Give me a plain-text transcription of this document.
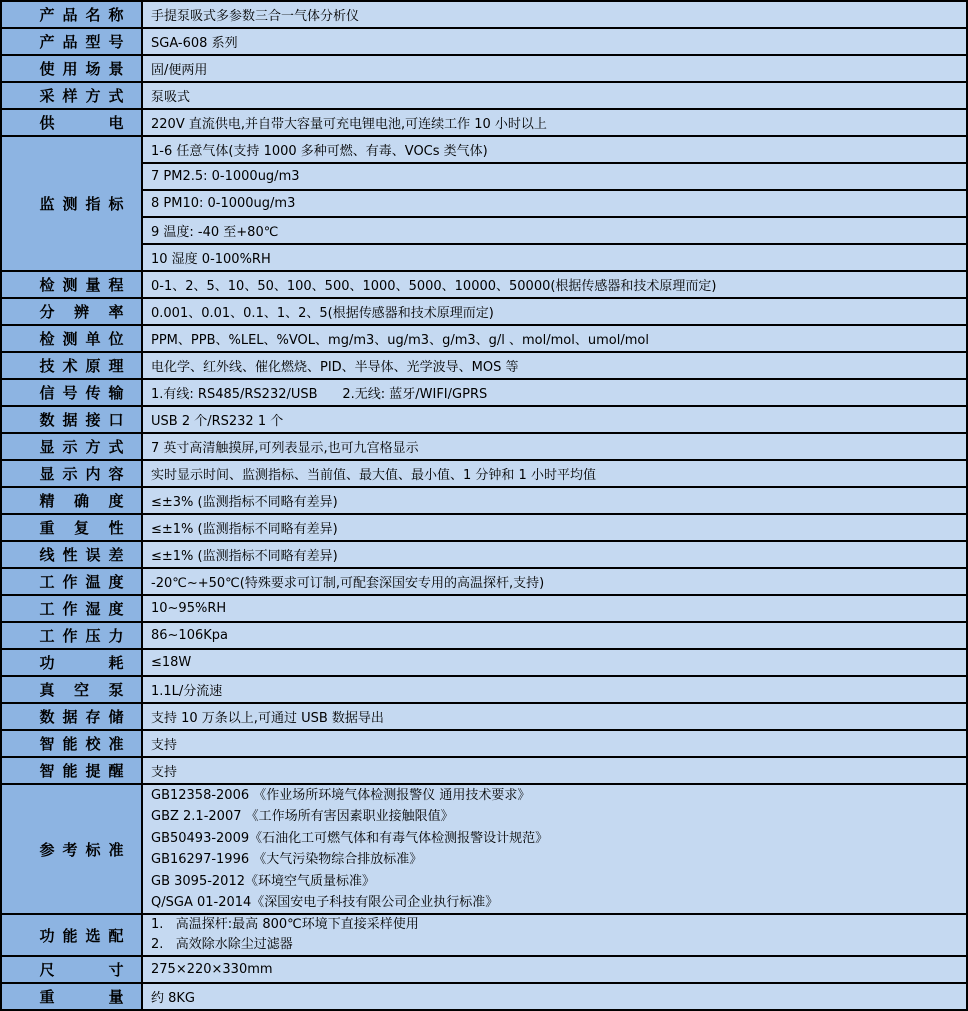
产品名称	手提泵吸式多参数三合一气体分析仪
产品型号	SGA-608 系列
使用场景	固/便两用
采样方式	泵吸式
供电	220V 直流供电,并自带大容量可充电锂电池,可连续工作 10 小时以上
监测指标	1-6 任意气体(支持 1000 多种可燃、有毒、VOCs 类气体)
	7 PM2.5: 0-1000ug/m3
	8 PM10: 0-1000ug/m3
	9 温度: -40 至+80℃
	10 湿度 0-100%RH
检测量程	0-1、2、5、10、50、100、500、1000、5000、10000、50000(根据传感器和技术原理而定)
分辨率	0.001、0.01、0.1、1、2、5(根据传感器和技术原理而定)
检测单位	PPM、PPB、%LEL、%VOL、mg/m3、ug/m3、g/m3、g/l 、mol/mol、umol/mol
技术原理	电化学、红外线、催化燃烧、PID、半导体、光学波导、MOS 等
信号传输	1.有线: RS485/RS232/USB      2.无线: 蓝牙/WIFI/GPRS
数据接口	USB 2 个/RS232 1 个
显示方式	7 英寸高清触摸屏,可列表显示,也可九宫格显示
显示内容	实时显示时间、监测指标、当前值、最大值、最小值、1 分钟和 1 小时平均值
精确度	≤±3% (监测指标不同略有差异)
重复性	≤±1% (监测指标不同略有差异)
线性误差	≤±1% (监测指标不同略有差异)
工作温度	-20℃~+50℃(特殊要求可订制,可配套深国安专用的高温探杆,支持)
工作湿度	10~95%RH
工作压力	86~106Kpa
功耗	≤18W
真空泵	1.1L/分流速
数据存储	支持 10 万条以上,可通过 USB 数据导出
智能校准	支持
智能提醒	支持
参考标准	
GB12358-2006 《作业场所环境气体检测报警仪 通用技术要求》
GBZ 2.1-2007 《工作场所有害因素职业接触限值》
GB50493-2009《石油化工可燃气体和有毒气体检测报警设计规范》
GB16297-1996 《大气污染物综合排放标准》
GB 3095-2012《环境空气质量标准》
Q/SGA 01-2014《深国安电子科技有限公司企业执行标准》

功能选配	1.   高温探杆:最高 800℃环境下直接采样使用
2.   高效除水除尘过滤器

尺寸	275×220×330mm
重量	约 8KG
